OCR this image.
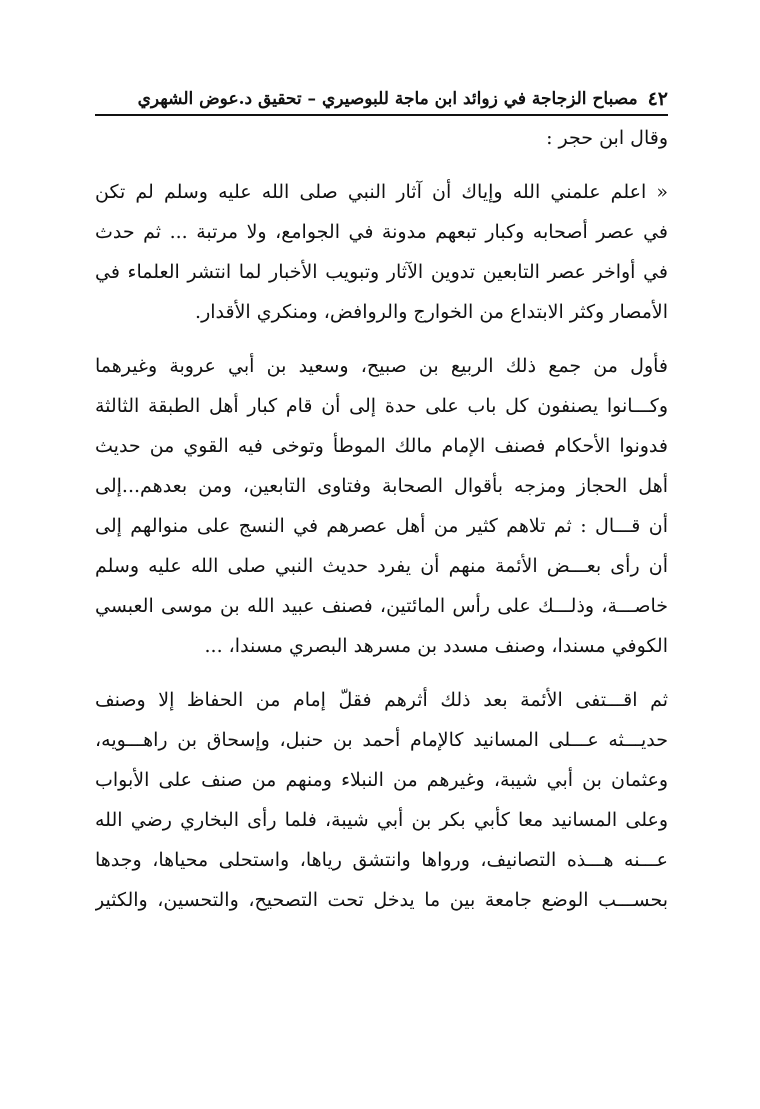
٤٢
مصباح الزجاجة في زوائد ابن ماجة للبوصيري – تحقيق د.عوض الشهري
وقال ابن حجر :
« اعلم علمني الله وإياك أن آثار النبي صلى الله عليه وسلم لم تكن
في عصر أصحابه وكبار تبعهم مدونة في الجوامع، ولا مرتبة ... ثم حدث
في أواخر عصر التابعين تدوين الآثار وتبويب الأخبار لما انتشر العلماء في
الأمصار وكثر الابتداع من الخوارج والروافض، ومنكري الأقدار.
فأول من جمع ذلك الربيع بن صبيح، وسعيد بن أبي عروبة وغيرهما
وكـــانوا يصنفون كل باب على حدة إلى أن قام كبار أهل الطبقة الثالثة
فدونوا الأحكام فصنف الإمام مالك الموطأ وتوخى فيه القوي من حديث
أهل الحجاز ومزجه بأقوال الصحابة وفتاوى التابعين، ومن بعدهم...إلى
أن قـــال : ثم تلاهم كثير من أهل عصرهم في النسج على منوالهم إلى
أن رأى بعـــض الأئمة منهم أن يفرد حديث النبي صلى الله عليه وسلم
خاصـــة، وذلـــك على رأس المائتين، فصنف عبيد الله بن موسى العبسي
الكوفي مسندا، وصنف مسدد بن مسرهد البصري مسندا، ...
ثم اقـــتفى الأئمة بعد ذلك أثرهم فقلّ إمام من الحفاظ إلا وصنف
حديـــثه عـــلى المسانيد كالإمام أحمد بن حنبل، وإسحاق بن راهـــويه،
وعثمان بن أبي شيبة، وغيرهم من النبلاء ومنهم من صنف على الأبواب
وعلى المسانيد معا كأبي بكر بن أبي شيبة، فلما رأى البخاري رضي الله
عـــنه هـــذه التصانيف، ورواها وانتشق رياها، واستحلى محياها، وجدها
بحســـب الوضع جامعة بين ما يدخل تحت التصحيح، والتحسين، والكثير
